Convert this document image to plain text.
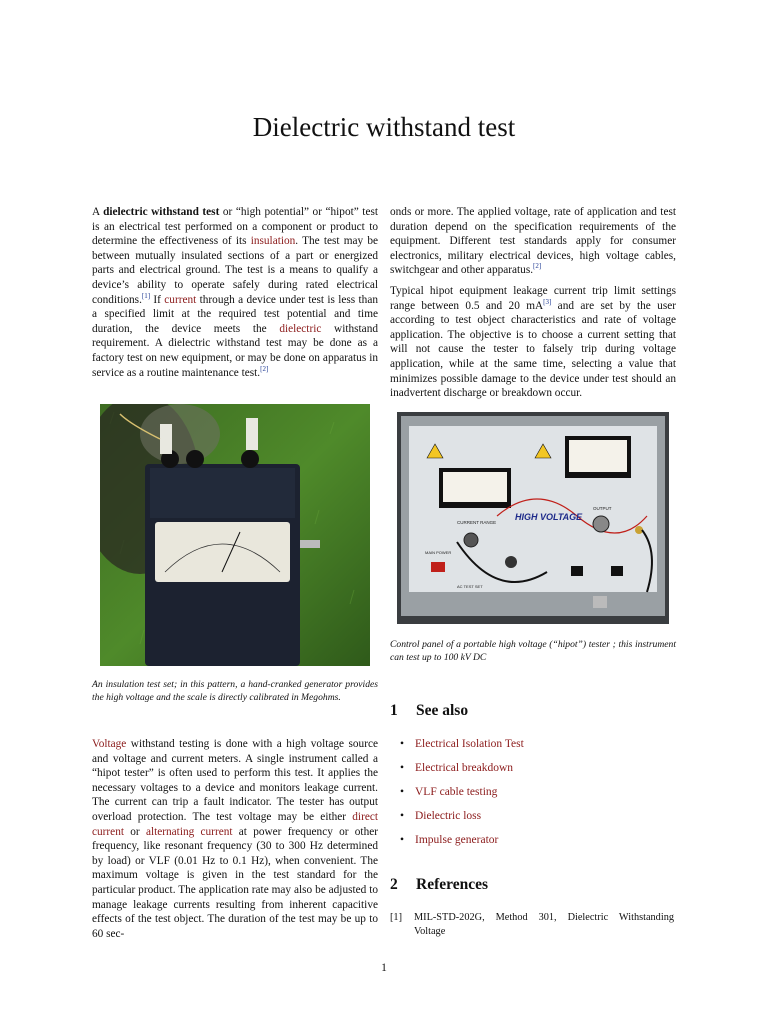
Dielectric withstand test

A dielectric withstand test or “high potential” or “hipot” test is an electrical test performed on a component or product to determine the effectiveness of its insulation. The test may be between mutually insulated sections of a part or energized parts and electrical ground. The test is a means to qualify a device’s ability to operate safely during rated electrical conditions.[1] If current through a device under test is less than a specified limit at the required test potential and time duration, the device meets the dielectric withstand requirement. A dielectric withstand test may be done as a factory test on new equipment, or may be done on apparatus in service as a routine maintenance test.[2]

An insulation test set; in this pattern, a hand-cranked generator provides the high voltage and the scale is directly calibrated in Megohms.

Voltage withstand testing is done with a high voltage source and voltage and current meters. A single instrument called a “hipot tester” is often used to perform this test. It applies the necessary voltages to a device and monitors leakage current. The current can trip a fault indicator. The tester has output overload protection. The test voltage may be either direct current or alternating current at power frequency or other frequency, like resonant frequency (30 to 300 Hz determined by load) or VLF (0.01 Hz to 0.1 Hz), when convenient. The maximum voltage is given in the test standard for the particular product. The application rate may also be adjusted to manage leakage currents resulting from inherent capacitive effects of the test object. The duration of the test may be up to 60 sec-

onds or more. The applied voltage, rate of application and test duration depend on the specification requirements of the equipment. Different test standards apply for consumer electronics, military electrical devices, high voltage cables, switchgear and other apparatus.[2]

Typical hipot equipment leakage current trip limit settings range between 0.5 and 20 mA[3] and are set by the user according to test object characteristics and rate of voltage application. The objective is to choose a current setting that will not cause the tester to falsely trip during voltage application, while at the same time, selecting a value that minimizes possible damage to the device under test should an inadvertent discharge or breakdown occur.

HIGH VOLTAGE
CURRENT RANGE
MAIN POWER
OUTPUT
AC TEST SET
Control panel of a portable high voltage (“hipot”) tester ; this instrument can test up to 100 kV DC
1 See also
• Electrical Isolation Test
• Electrical breakdown
• VLF cable testing
• Dielectric loss
• Impulse generator
2 References
[1] MIL-STD-202G, Method 301, Dielectric Withstanding Voltage
1
